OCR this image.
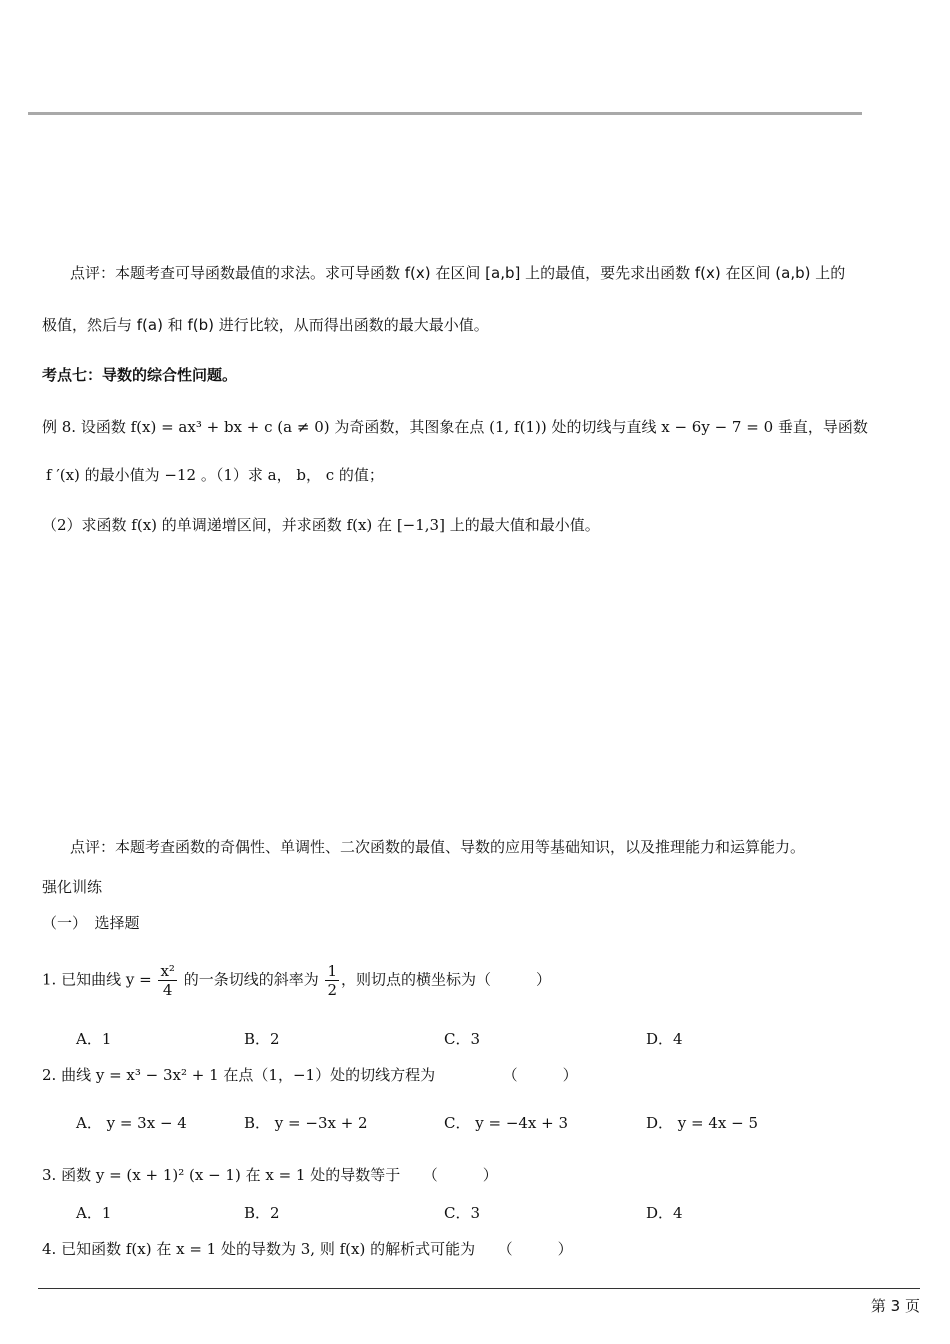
点评：本题考查可导函数最值的求法。求可导函数 f(x) 在区间 [a,b] 上的最值，要先求出函数 f(x) 在区间 (a,b) 上的
极值，然后与 f(a) 和 f(b) 进行比较，从而得出函数的最大最小值。
考点七：导数的综合性问题。
例 8. 设函数 f(x) = ax³ + bx + c (a ≠ 0) 为奇函数，其图象在点 (1, f(1)) 处的切线与直线 x − 6y − 7 = 0 垂直，导函数
f ′(x) 的最小值为 −12 。（1）求 a， b， c 的值；
（2）求函数 f(x) 的单调递增区间，并求函数 f(x) 在 [−1,3] 上的最大值和最小值。
点评：本题考查函数的奇偶性、单调性、二次函数的最值、导数的应用等基础知识，以及推理能力和运算能力。
强化训练
（一）　选择题
1. 已知曲线 $y = \frac{\text{x²}}{4}$ 的一条切线的斜率为 $\frac{1}{2}$ ，则切点的横坐标为（　　　）
A．1	B．2	C．3	D．4
2. 曲线 y = x³ − 3x² + 1 在点（1，−1）处的切线方程为　　　　　（　　　）
A． y = 3x − 4	B． y = −3x + 2	C． y = −4x + 3	D． y = 4x − 5
3. 函数 y = (x + 1)² (x − 1) 在 x = 1 处的导数等于　　（　　　）
A．1	B．2	C．3	D．4
4. 已知函数 f(x) 在 x = 1 处的导数为 3, 则 f(x) 的解析式可能为　　（　　　）
第 3 页
